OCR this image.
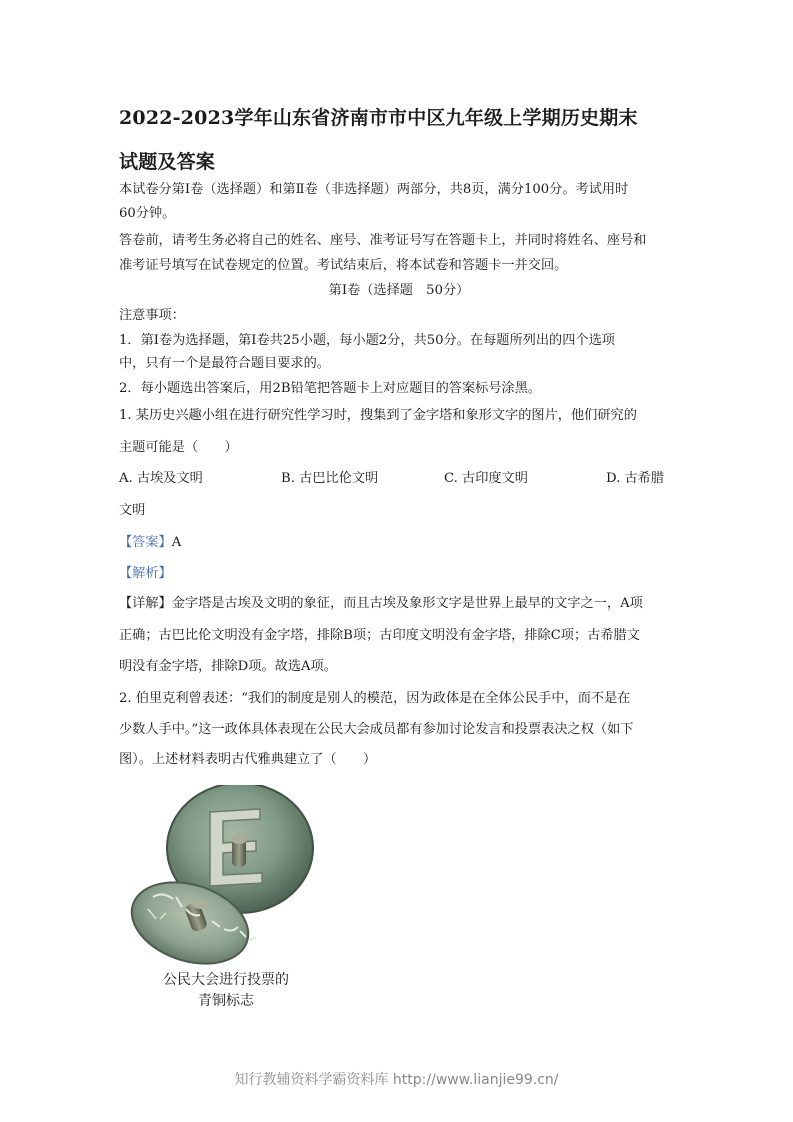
2022-2023学年山东省济南市市中区九年级上学期历史期末
试题及答案
本试卷分第Ⅰ卷（选择题）和第Ⅱ卷（非选择题）两部分，共8页，满分100分。考试用时
60分钟。
答卷前，请考生务必将自己的姓名、座号、准考证号写在答题卡上，并同时将姓名、座号和
准考证号填写在试卷规定的位置。考试结束后，将本试卷和答题卡一并交回。
第Ⅰ卷（选择题　50分）
注意事项：
1．第Ⅰ卷为选择题，第Ⅰ卷共25小题，每小题2分，共50分。在每题所列出的四个选项
中，只有一个是最符合题目要求的。
2．每小题选出答案后，用2B铅笔把答题卡上对应题目的答案标号涂黑。
1. 某历史兴趣小组在进行研究性学习时，搜集到了金字塔和象形文字的图片，他们研究的
主题可能是（　　）
A. 古埃及文明	B. 古巴比伦文明	C. 古印度文明	D. 古希腊
文明
【答案】A
【解析】
【详解】金字塔是古埃及文明的象征，而且古埃及象形文字是世界上最早的文字之一，A项
正确；古巴比伦文明没有金字塔，排除B项；古印度文明没有金字塔，排除C项；古希腊文
明没有金字塔，排除D项。故选A项。
2. 伯里克利曾表述：“我们的制度是别人的模范，因为政体是在全体公民手中，而不是在
少数人手中。”这一政体具体表现在公民大会成员都有参加讨论发言和投票表决之权（如下
图）。上述材料表明古代雅典建立了（　　）
公民大会进行投票的
青铜标志
知行教辅资料学霸资料库 http://www.lianjie99.cn/
